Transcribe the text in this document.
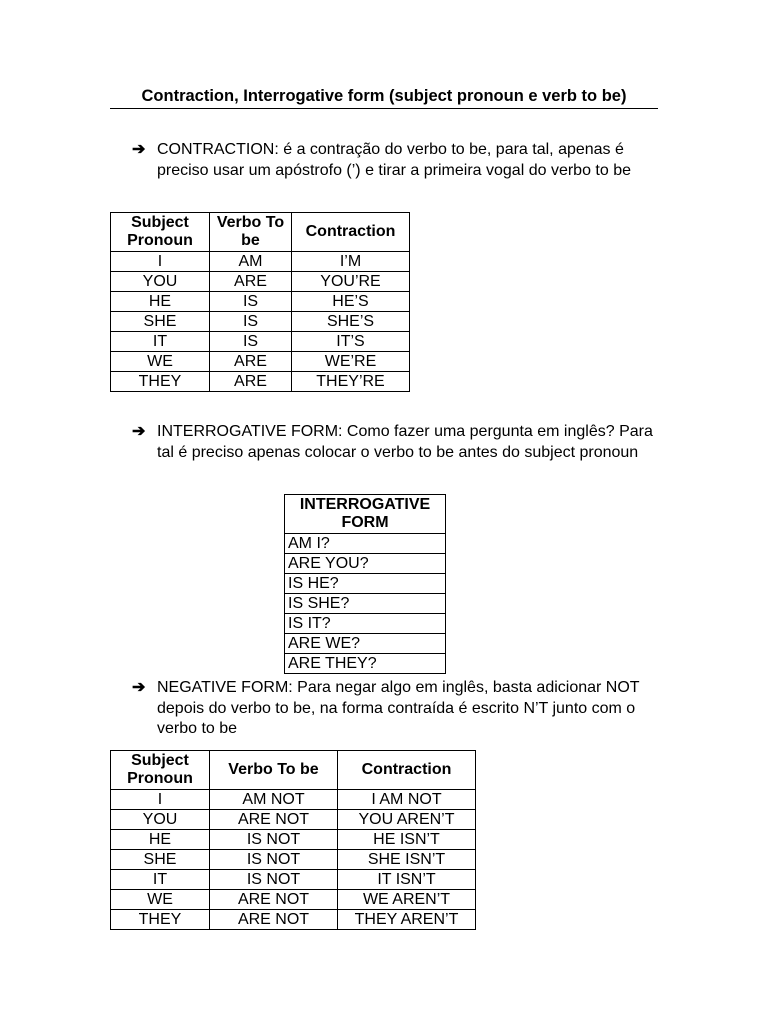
Contraction, Interrogative form (subject pronoun e verb to be)
➔ CONTRACTION: é a contração do verbo to be, para tal, apenas é preciso usar um apóstrofo (’) e tirar a primeira vogal do verbo to be
Subject Pronoun	Verbo To be	Contraction
I	AM	I’M
YOU	ARE	YOU’RE
HE	IS	HE’S
SHE	IS	SHE’S
IT	IS	IT’S
WE	ARE	WE’RE
THEY	ARE	THEY’RE
➔ INTERROGATIVE FORM: Como fazer uma pergunta em inglês? Para tal é preciso apenas colocar o verbo to be antes do subject pronoun
INTERROGATIVE FORM
AM I?
ARE YOU?
IS HE?
IS SHE?
IS IT?
ARE WE?
ARE THEY?
➔ NEGATIVE FORM: Para negar algo em inglês, basta adicionar NOT depois do verbo to be, na forma contraída é escrito N’T junto com o verbo to be
Subject Pronoun	Verbo To be	Contraction
I	AM NOT	I AM NOT
YOU	ARE NOT	YOU AREN’T
HE	IS NOT	HE ISN’T
SHE	IS NOT	SHE ISN’T
IT	IS NOT	IT ISN’T
WE	ARE NOT	WE AREN’T
THEY	ARE NOT	THEY AREN’T
